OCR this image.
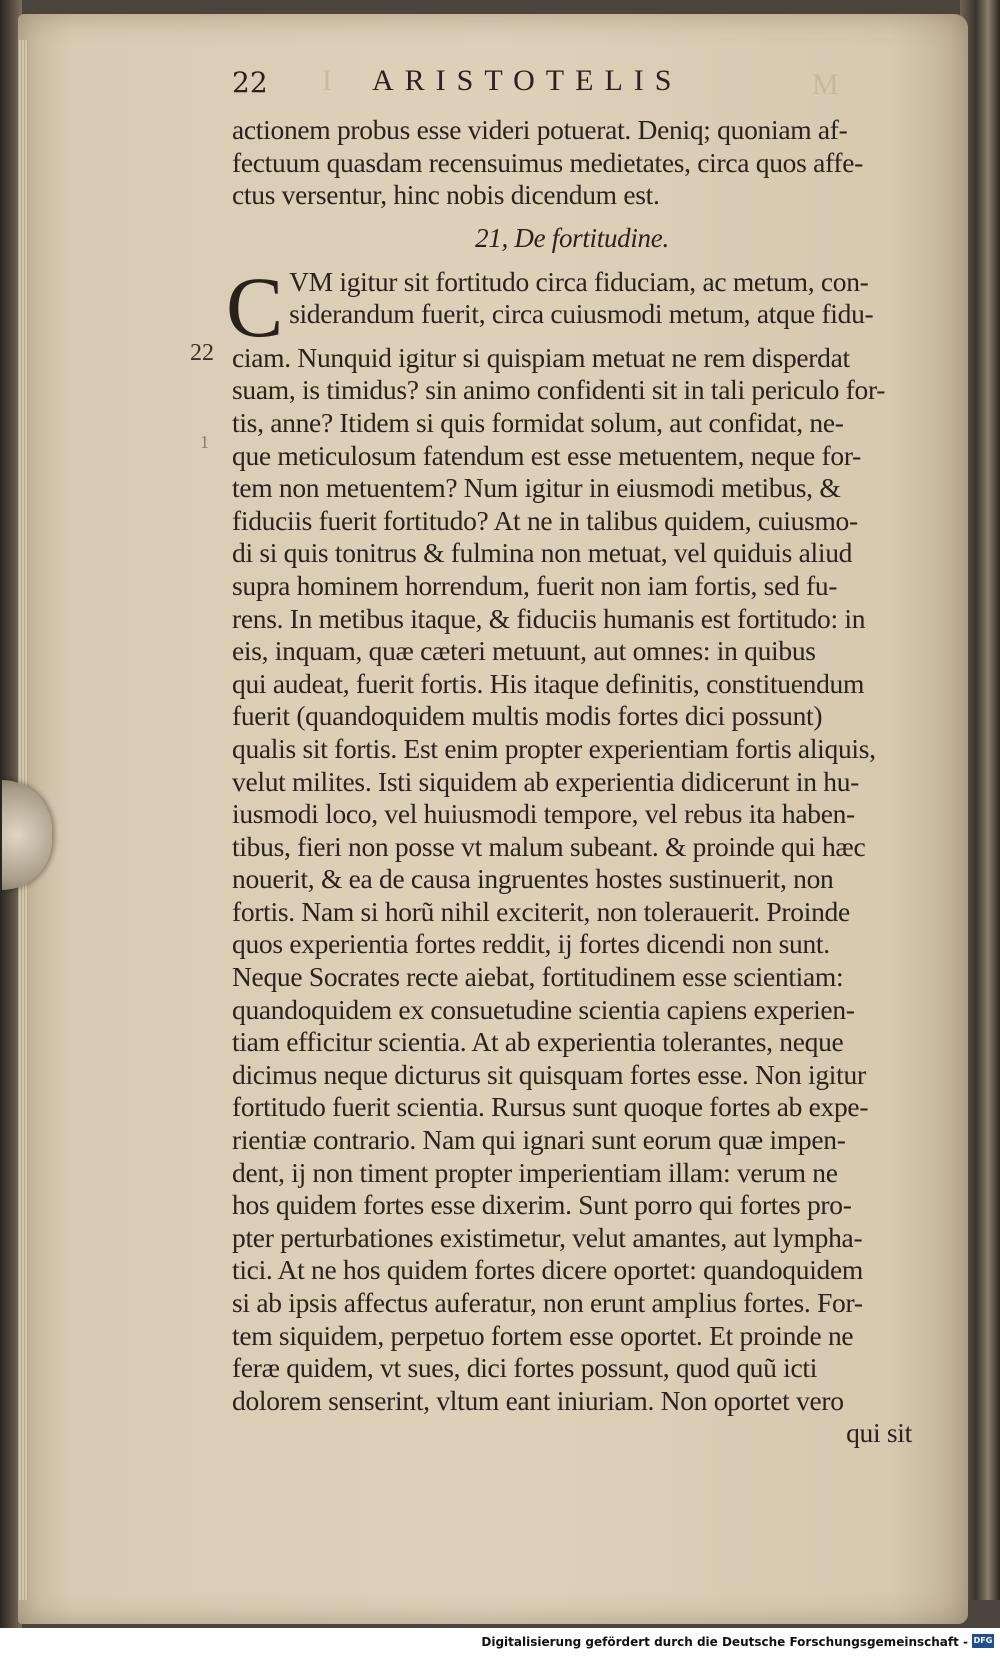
22 I ARISTOTELIS	M
22
1
actionem probus esse videri potuerat. Deniq; quoniam af-
fectuum quasdam recensuimus medietates, circa quos affe-
ctus versentur, hinc nobis dicendum est.
21, De fortitudine.
C VM igitur sit fortitudo circa fiduciam, ac metum, con-
siderandum fuerit, circa cuiusmodi metum, atque fidu-
ciam. Nunquid igitur si quispiam metuat ne rem disperdat
suam, is timidus? sin animo confidenti sit in tali periculo for-
tis, anne? Itidem si quis formidat solum, aut confidat, ne-
que meticulosum fatendum est esse metuentem, neque for-
tem non metuentem? Num igitur in eiusmodi metibus, &
fiduciis fuerit fortitudo? At ne in talibus quidem, cuiusmo-
di si quis tonitrus & fulmina non metuat, vel quiduis aliud
supra hominem horrendum, fuerit non iam fortis, sed fu-
rens. In metibus itaque, & fiduciis humanis est fortitudo: in
eis, inquam, quæ cæteri metuunt, aut omnes: in quibus
qui audeat, fuerit fortis. His itaque definitis, constituendum
fuerit (quandoquidem multis modis fortes dici possunt)
qualis sit fortis. Est enim propter experientiam fortis aliquis,
velut milites. Isti siquidem ab experientia didicerunt in hu-
iusmodi loco, vel huiusmodi tempore, vel rebus ita haben-
tibus, fieri non posse vt malum subeant. & proinde qui hæc
nouerit, & ea de causa ingruentes hostes sustinuerit, non
fortis. Nam si horũ nihil exciterit, non tolerauerit. Proinde
quos experientia fortes reddit, ij fortes dicendi non sunt.
Neque Socrates recte aiebat, fortitudinem esse scientiam:
quandoquidem ex consuetudine scientia capiens experien-
tiam efficitur scientia. At ab experientia tolerantes, neque
dicimus neque dicturus sit quisquam fortes esse. Non igitur
fortitudo fuerit scientia. Rursus sunt quoque fortes ab expe-
rientiæ contrario. Nam qui ignari sunt eorum quæ impen-
dent, ij non timent propter imperientiam illam: verum ne
hos quidem fortes esse dixerim. Sunt porro qui fortes pro-
pter perturbationes existimetur, velut amantes, aut lympha-
tici. At ne hos quidem fortes dicere oportet: quandoquidem
si ab ipsis affectus auferatur, non erunt amplius fortes. For-
tem siquidem, perpetuo fortem esse oportet. Et proinde ne
feræ quidem, vt sues, dici fortes possunt, quod quũ icti
dolorem senserint, vltum eant iniuriam. Non oportet vero
qui sit
Digitalisierung gefördert durch die Deutsche Forschungsgemeinschaft - DFG
